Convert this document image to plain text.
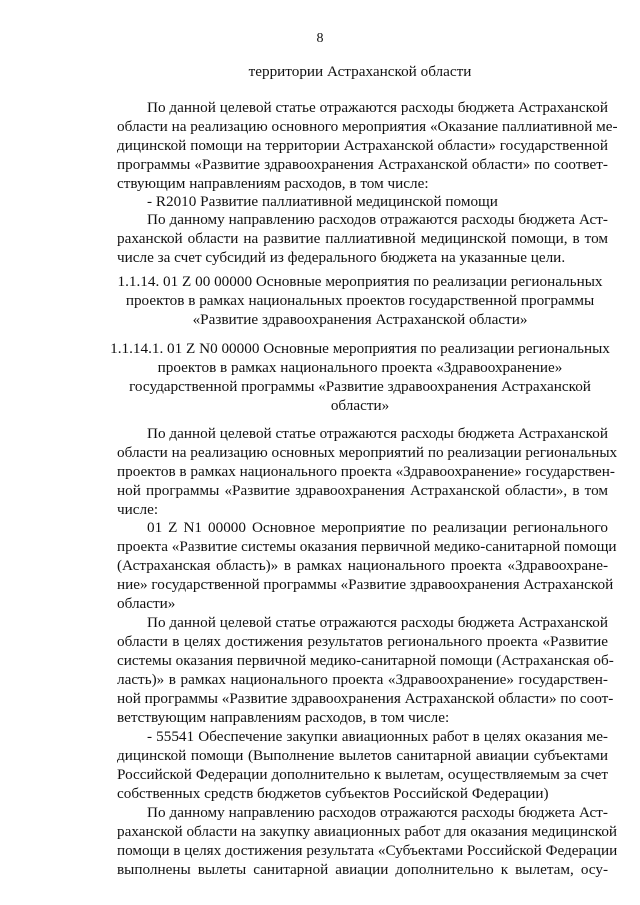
8
территории Астраханской области
По данной целевой статье отражаются расходы бюджета Астраханской
области на реализацию основного мероприятия «Оказание паллиативной ме-
дицинской помощи на территории Астраханской области» государственной
программы «Развитие здравоохранения Астраханской области» по соответ-
ствующим направлениям расходов, в том числе:
- R2010 Развитие паллиативной медицинской помощи
По данному направлению расходов отражаются расходы бюджета Аст-
раханской области на развитие паллиативной медицинской помощи, в том
числе за счет субсидий из федерального бюджета на указанные цели.
1.1.14. 01 Z 00 00000 Основные мероприятия по реализации региональных
проектов в рамках национальных проектов государственной программы
«Развитие здравоохранения Астраханской области»
1.1.14.1. 01 Z N0 00000 Основные мероприятия по реализации региональных
проектов в рамках национального проекта «Здравоохранение»
государственной программы «Развитие здравоохранения Астраханской
области»
По данной целевой статье отражаются расходы бюджета Астраханской
области на реализацию основных мероприятий по реализации региональных
проектов в рамках национального проекта «Здравоохранение» государствен-
ной программы «Развитие здравоохранения Астраханской области», в том
числе:
01 Z N1 00000 Основное мероприятие по реализации регионального
проекта «Развитие системы оказания первичной медико-санитарной помощи
(Астраханская область)» в рамках национального проекта «Здравоохране-
ние» государственной программы «Развитие здравоохранения Астраханской
области»
По данной целевой статье отражаются расходы бюджета Астраханской
области в целях достижения результатов регионального проекта «Развитие
системы оказания первичной медико-санитарной помощи (Астраханская об-
ласть)» в рамках национального проекта «Здравоохранение» государствен-
ной программы «Развитие здравоохранения Астраханской области» по соот-
ветствующим направлениям расходов, в том числе:
- 55541 Обеспечение закупки авиационных работ в целях оказания ме-
дицинской помощи (Выполнение вылетов санитарной авиации субъектами
Российской Федерации дополнительно к вылетам, осуществляемым за счет
собственных средств бюджетов субъектов Российской Федерации)
По данному направлению расходов отражаются расходы бюджета Аст-
раханской области на закупку авиационных работ для оказания медицинской
помощи в целях достижения результата «Субъектами Российской Федерации
выполнены вылеты санитарной авиации дополнительно к вылетам, осу-
